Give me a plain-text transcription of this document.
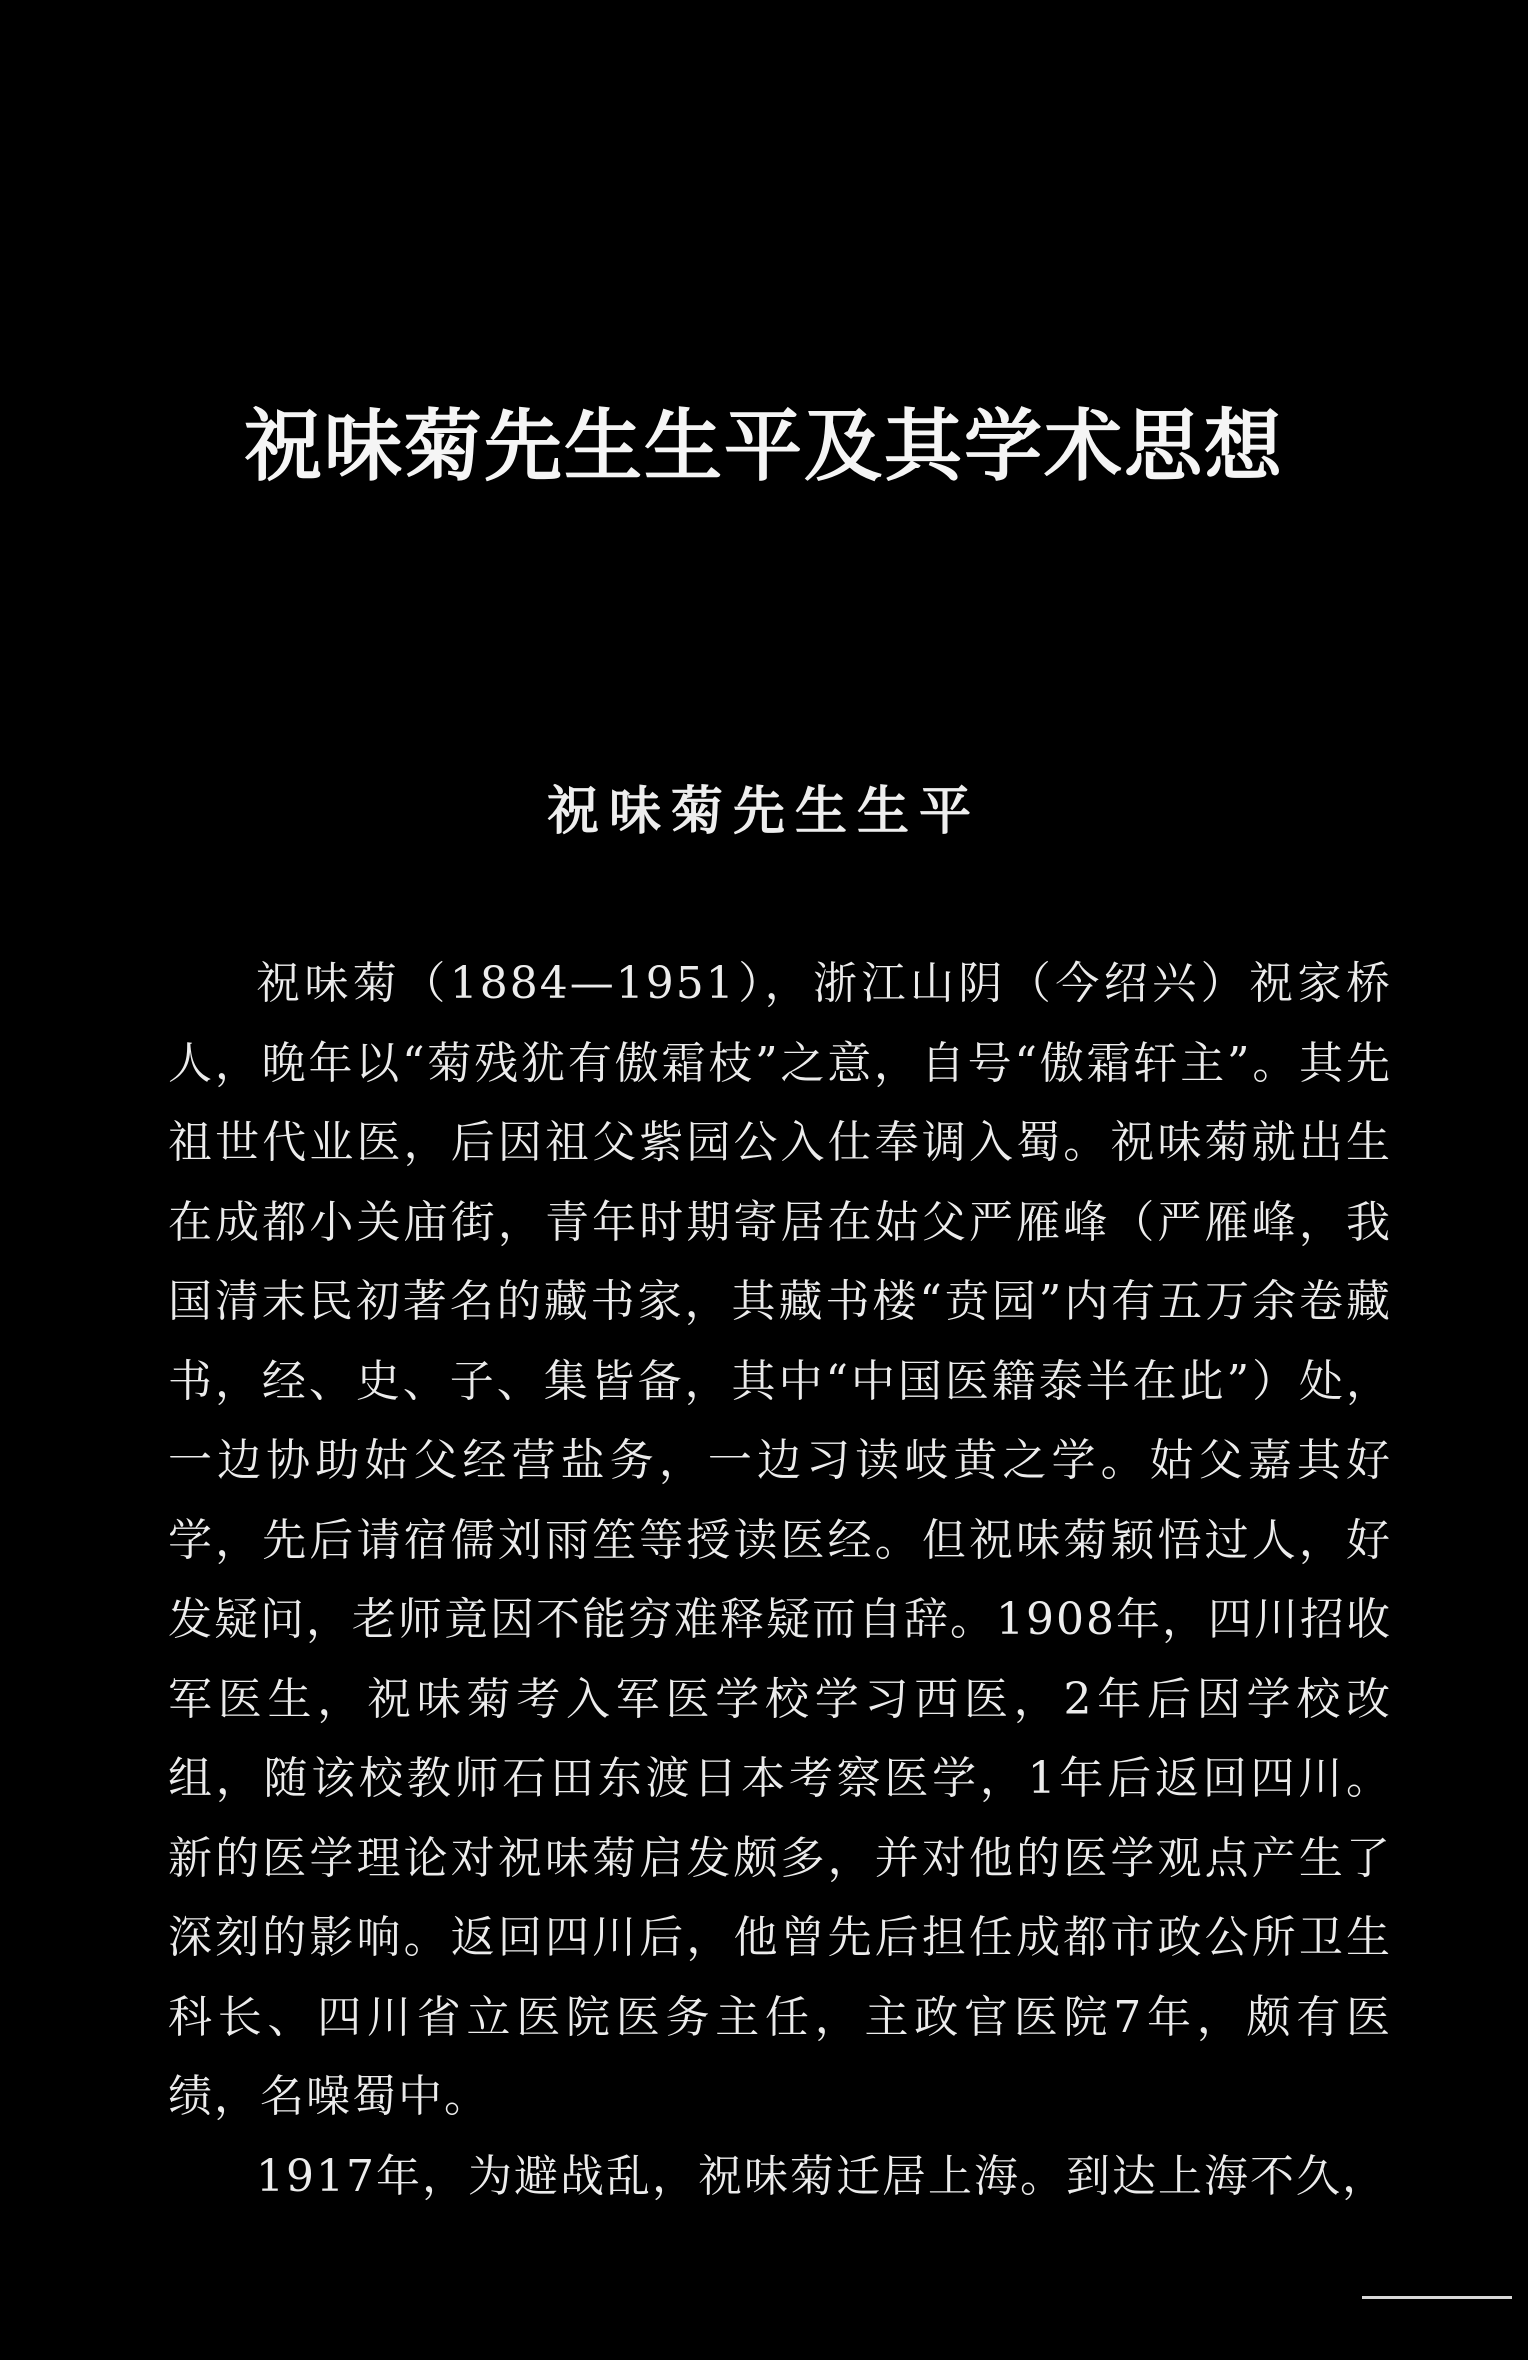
祝味菊先生生平及其学术思想
祝味菊先生生平

祝味菊（1884—1951），浙江山阴（今绍兴）祝家桥人，晚年以“菊残犹有傲霜枝”之意，自号“傲霜轩主”。其先祖世代业医，后因祖父紫园公入仕奉调入蜀。祝味菊就出生在成都小关庙街，青年时期寄居在姑父严雁峰（严雁峰，我国清末民初著名的藏书家，其藏书楼“贲园”内有五万余卷藏书，经、史、子、集皆备，其中“中国医籍泰半在此”）处，一边协助姑父经营盐务，一边习读岐黄之学。姑父嘉其好学，先后请宿儒刘雨笙等授读医经。但祝味菊颖悟过人，好发疑问，老师竟因不能穷难释疑而自辞。1908年，四川招收军医生，祝味菊考入军医学校学习西医，2年后因学校改组，随该校教师石田东渡日本考察医学，1年后返回四川。新的医学理论对祝味菊启发颇多，并对他的医学观点产生了深刻的影响。返回四川后，他曾先后担任成都市政公所卫生科长、四川省立医院医务主任，主政官医院7年，颇有医绩，名噪蜀中。

1917年，为避战乱，祝味菊迁居上海。到达上海不久，
